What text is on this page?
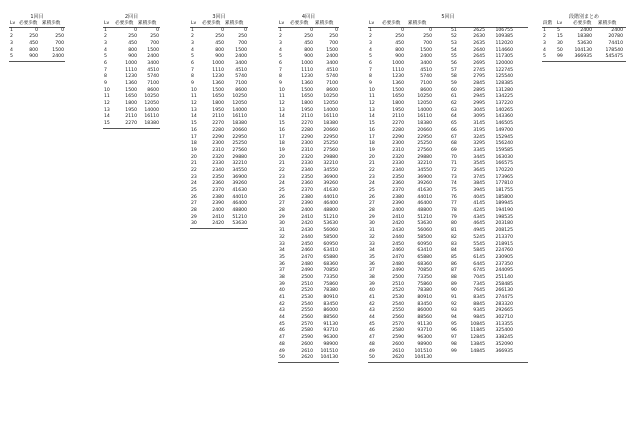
1回目
Lv 必要歩数 累積歩数
1	0	0
2	250	250
3	450	700
4	800	1500
5	900	2400
2回目
Lv 必要歩数 累積歩数
1	0	0
2	250	250
3	450	700
4	800	1500
5	900	2400
6	1000	3400
7	1110	4510
8	1230	5740
9	1360	7100
10	1500	8600
11	1650	10250
12	1800	12050
13	1950	14000
14	2110	16110
15	2270	18380
3回目
Lv 必要歩数 累積歩数
1	0	0
2	250	250
3	450	700
4	800	1500
5	900	2400
6	1000	3400
7	1110	4510
8	1230	5740
9	1360	7100
10	1500	8600
11	1650	10250
12	1800	12050
13	1950	14000
14	2110	16110
15	2270	18380
16	2280	20660
17	2290	22950
18	2300	25250
19	2310	27560
20	2320	29880
21	2330	32210
22	2340	34550
23	2350	36900
24	2360	39260
25	2370	41630
26	2380	44010
27	2390	46400
28	2400	48800
29	2410	51210
30	2420	53630
4回目
Lv 必要歩数 累積歩数
1	0	0
2	250	250
3	450	700
4	800	1500
5	900	2400
6	1000	3400
7	1110	4510
8	1230	5740
9	1360	7100
10	1500	8600
11	1650	10250
12	1800	12050
13	1950	14000
14	2110	16110
15	2270	18380
16	2280	20660
17	2290	22950
18	2300	25250
19	2310	27560
20	2320	29880
21	2330	32210
22	2340	34550
23	2350	36900
24	2360	39260
25	2370	41630
26	2380	44010
27	2390	46400
28	2400	48800
29	2410	51210
30	2420	53630
31	2430	56060
32	2440	58500
33	2450	60950
34	2460	63410
35	2470	65880
36	2480	68360
37	2490	70850
38	2500	73350
39	2510	75860
40	2520	78380
41	2530	80910
42	2540	83450
43	2550	86000
44	2560	88560
45	2570	91130
46	2580	93710
47	2590	96300
48	2600	98900
49	2610	101510
50	2620	104130
5回目
Lv 必要歩数 累積歩数
1	0	0	51	2625	106755
2	250	250	52	2630	109385
3	450	700	53	2635	112020
4	800	1500	54	2640	114660
5	900	2400	55	2645	117305
6	1000	3400	56	2695	120000
7	1110	4510	57	2745	122745
8	1230	5740	58	2795	125540
9	1360	7100	59	2845	128385
10	1500	8600	60	2895	131280
11	1650	10250	61	2945	134225
12	1800	12050	62	2995	137220
13	1950	14000	63	3045	140265
14	2110	16110	64	3095	143360
15	2270	18380	65	3145	146505
16	2280	20660	66	3195	149700
17	2290	22950	67	3245	152945
18	2300	25250	68	3295	156240
19	2310	27560	69	3345	159585
20	2320	29880	70	3445	163030
21	2330	32210	71	3545	166575
22	2340	34550	72	3645	170220
23	2350	36900	73	3745	173965
24	2360	39260	74	3845	177810
25	2370	41630	75	3945	181755
26	2380	44010	76	4045	185800
27	2390	46400	77	4145	189945
28	2400	48800	78	4245	194190
29	2410	51210	79	4345	198535
30	2420	53630	80	4645	203180
31	2430	56060	81	4945	208125
32	2440	58500	82	5245	213370
33	2450	60950	83	5545	218915
34	2460	63410	84	5845	224760
35	2470	65880	85	6145	230905
36	2480	68360	86	6445	237350
37	2490	70850	87	6745	244095
38	2500	73350	88	7045	251140
39	2510	75860	89	7345	258485
40	2520	78380	90	7645	266130
41	2530	80910	91	8345	274475
42	2540	83450	92	8845	283320
43	2550	86000	93	9345	292665
44	2560	88560	94	9845	302710
45	2570	91130	95	10845	313355
46	2580	93710	96	11845	325400
47	2590	96300	97	12845	338245
48	2600	98900	98	13845	352090
49	2610	101510	99	14845	366935
50	2620	104130
段階別まとめ
段階 Lv 必要歩数 累積歩数
1	5	2400	2400
2	15	18380	20780
3	30	53630	74410
4	50	104130	178540
5	99	366935	545475
